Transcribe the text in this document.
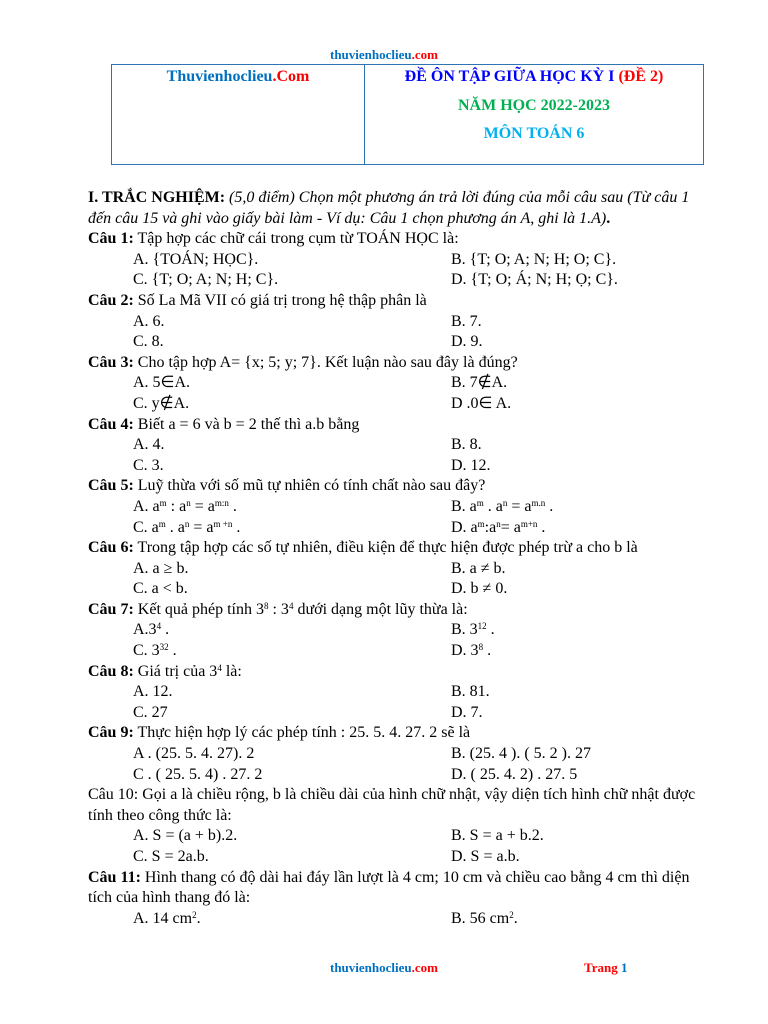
thuvienhoclieu.com
Thuvienhoclieu.Com	ĐỀ ÔN TẬP GIỮA HỌC KỲ I (ĐỀ 2)
NĂM HỌC 2022-2023
MÔN TOÁN 6

I. TRẮC NGHIỆM: (5,0 điểm) Chọn một phương án trả lời đúng của mỗi câu sau (Từ câu 1 đến câu 15 và ghi vào giấy bài làm - Ví dụ: Câu 1 chọn phương án A, ghi là 1.A).

Câu 1: Tập hợp các chữ cái trong cụm từ TOÁN HỌC là:

A. {TOÁN; HỌC}.	B. {T; O; A; N; H; O; C}.
C. {T; O; A; N; H; C}.	D. {T; O; Á; N; H; Ọ; C}.

Câu 2: Số La Mã VII có giá trị trong hệ thập phân là

A. 6.	B. 7.
C. 8.	D. 9.

Câu 3: Cho tập hợp A= {x; 5; y; 7}. Kết luận nào sau đây là đúng?

A. 5∈A.	B. 7∉A.
C. y∉A.	D .0∈ A.

Câu 4: Biết a = 6 và b = 2 thế thì a.b bằng

A. 4.	B. 8.
C. 3.	D. 12.

Câu 5: Luỹ thừa với số mũ tự nhiên có tính chất nào sau đây?

A. $a^m$ : $a^n = a^{m:n}$ .	B. $a^m$ . $a^n = a^{m.n}$ .
C. $a^m$ . $a^n = a^{m +n}$ .	D. $a^m:a^n= a^{m+n}$ .

Câu 6: Trong tập hợp các số tự nhiên, điều kiện để thực hiện được phép trừ a cho b là

A. a ≥ b.	B. a ≠ b.
C. a < b.	D. b ≠ 0.

Câu 7: Kết quả phép tính $3^8$ : $3^4$ dưới dạng một lũy thừa là:

$A.3^4$ .	B. $3^{12}$ .
C. $3^{32}$ .	D. $3^8$ .

Câu 8: Giá trị của $3^4$ là:

A. 12.	B. 81.
C. 27	D. 7.

Câu 9: Thực hiện hợp lý các phép tính : 25. 5. 4. 27. 2 sẽ là

A . (25. 5. 4. 27). 2	B. (25. 4 ). ( 5. 2 ). 27
C . ( 25. 5. 4) . 27. 2	D. ( 25. 4. 2) . 27. 5

Câu 10: Gọi a là chiều rộng, b là chiều dài của hình chữ nhật, vậy diện tích hình chữ nhật được tính theo công thức là:

A. S = (a + b).2.	B. S = a + b.2.
C. S = 2a.b.	D. S = a.b.

Câu 11: Hình thang có độ dài hai đáy lần lượt là 4 cm; 10 cm và chiều cao bằng 4 cm thì diện tích của hình thang đó là:

A. 14 $cm^2$.	B. 56 $cm^2$.
thuvienhoclieu.com	Trang 1
